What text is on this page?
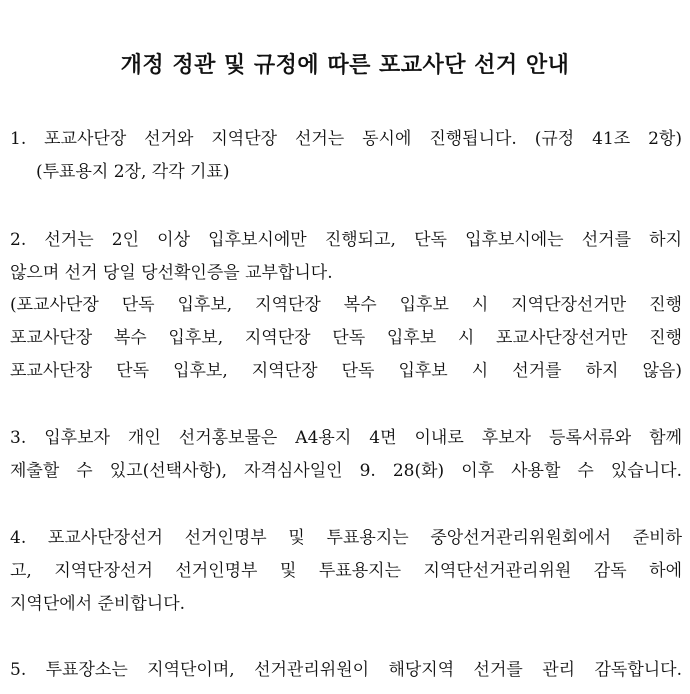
개정 정관 및 규정에 따른 포교사단 선거 안내
1. 포교사단장 선거와 지역단장 선거는 동시에 진행됩니다. (규정 41조 2항)
(투표용지 2장, 각각 기표)
2. 선거는 2인 이상 입후보시에만 진행되고, 단독 입후보시에는 선거를 하지
않으며 선거 당일 당선확인증을 교부합니다.
(포교사단장 단독 입후보, 지역단장 복수 입후보 시 지역단장선거만 진행
포교사단장 복수 입후보, 지역단장 단독 입후보 시 포교사단장선거만 진행
포교사단장 단독 입후보, 지역단장 단독 입후보 시 선거를 하지 않음)
3. 입후보자 개인 선거홍보물은 A4용지 4면 이내로 후보자 등록서류와 함께
제출할 수 있고(선택사항), 자격심사일인 9. 28(화) 이후 사용할 수 있습니다.
4. 포교사단장선거 선거인명부 및 투표용지는 중앙선거관리위원회에서 준비하
고, 지역단장선거 선거인명부 및 투표용지는 지역단선거관리위원 감독 하에
지역단에서 준비합니다.
5. 투표장소는 지역단이며, 선거관리위원이 해당지역 선거를 관리 감독합니다.
